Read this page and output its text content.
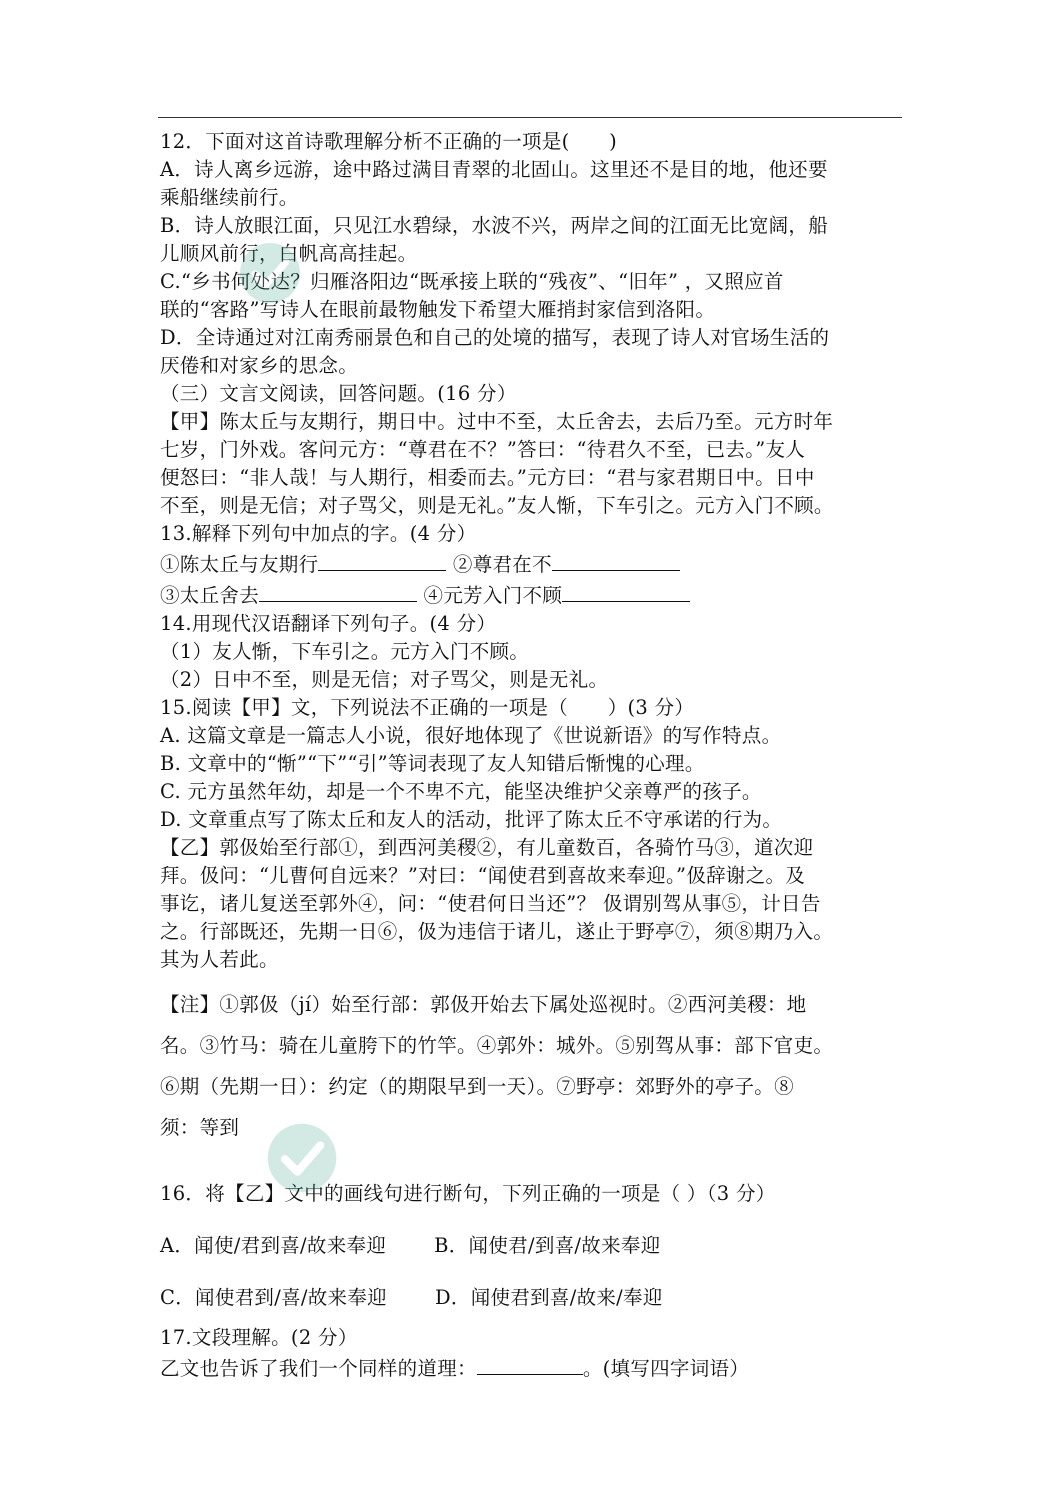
12．下面对这首诗歌理解分析不正确的一项是(　　)

A．诗人离乡远游，途中路过满目青翠的北固山。这里还不是目的地，他还要

乘船继续前行。

B．诗人放眼江面，只见江水碧绿，水波不兴，两岸之间的江面无比宽阔，船

儿顺风前行，白帆高高挂起。

C.“乡书何处达？归雁洛阳边“既承接上联的“残夜”、“旧年” ，又照应首

联的“客路”写诗人在眼前最物触发下希望大雁捎封家信到洛阳。

D．全诗通过对江南秀丽景色和自己的处境的描写，表现了诗人对官场生活的

厌倦和对家乡的思念。

（三）文言文阅读，回答问题。(16 分）

【甲】陈太丘与友期行，期日中。过中不至，太丘舍去，去后乃至。元方时年

七岁，门外戏。客问元方：“尊君在不？”答曰：“待君久不至，已去。”友人

便怒曰：“非人哉！与人期行，相委而去。”元方曰：“君与家君期日中。日中

不至，则是无信；对子骂父，则是无礼。”友人惭，下车引之。元方入门不顾。

13.解释下列句中加点的字。(4 分）

①陈太丘与友期行	②尊君在不

③太丘舍去	④元芳入门不顾

14.用现代汉语翻译下列句子。(4 分）

（1）友人惭，下车引之。元方入门不顾。

（2）日中不至，则是无信；对子骂父，则是无礼。

15.阅读【甲】文，下列说法不正确的一项是（　　）(3 分）

A. 这篇文章是一篇志人小说，很好地体现了《世说新语》的写作特点。

B. 文章中的“惭”“下”“引”等词表现了友人知错后惭愧的心理。

C. 元方虽然年幼，却是一个不卑不亢，能坚决维护父亲尊严的孩子。

D. 文章重点写了陈太丘和友人的活动，批评了陈太丘不守承诺的行为。

【乙】郭伋始至行部①，到西河美稷②，有儿童数百，各骑竹马③，道次迎

拜。伋问：“儿曹何自远来？”对曰：“闻使君到喜故来奉迎。”伋辞谢之。及

事讫，诸儿复送至郭外④，问：“使君何日当还”？ 伋谓别驾从事⑤，计日告

之。行部既还，先期一日⑥，伋为违信于诸儿，遂止于野亭⑦，须⑧期乃入。

其为人若此。

【注】①郭伋（jí）始至行部：郭伋开始去下属处巡视时。②西河美稷：地

名。③竹马：骑在儿童胯下的竹竿。④郭外：城外。⑤别驾从事：部下官吏。

⑥期（先期一日）：约定（的期限早到一天）。⑦野亭：郊野外的亭子。⑧

须：等到

16．将【乙】文中的画线句进行断句，下列正确的一项是（ ）（3 分）

A．闻使/君到喜/故来奉迎 B．闻使君/到喜/故来奉迎

C．闻使君到/喜/故来奉迎 D．闻使君到喜/故来/奉迎

17.文段理解。(2 分）

乙文也告诉了我们一个同样的道理：	。(填写四字词语）
